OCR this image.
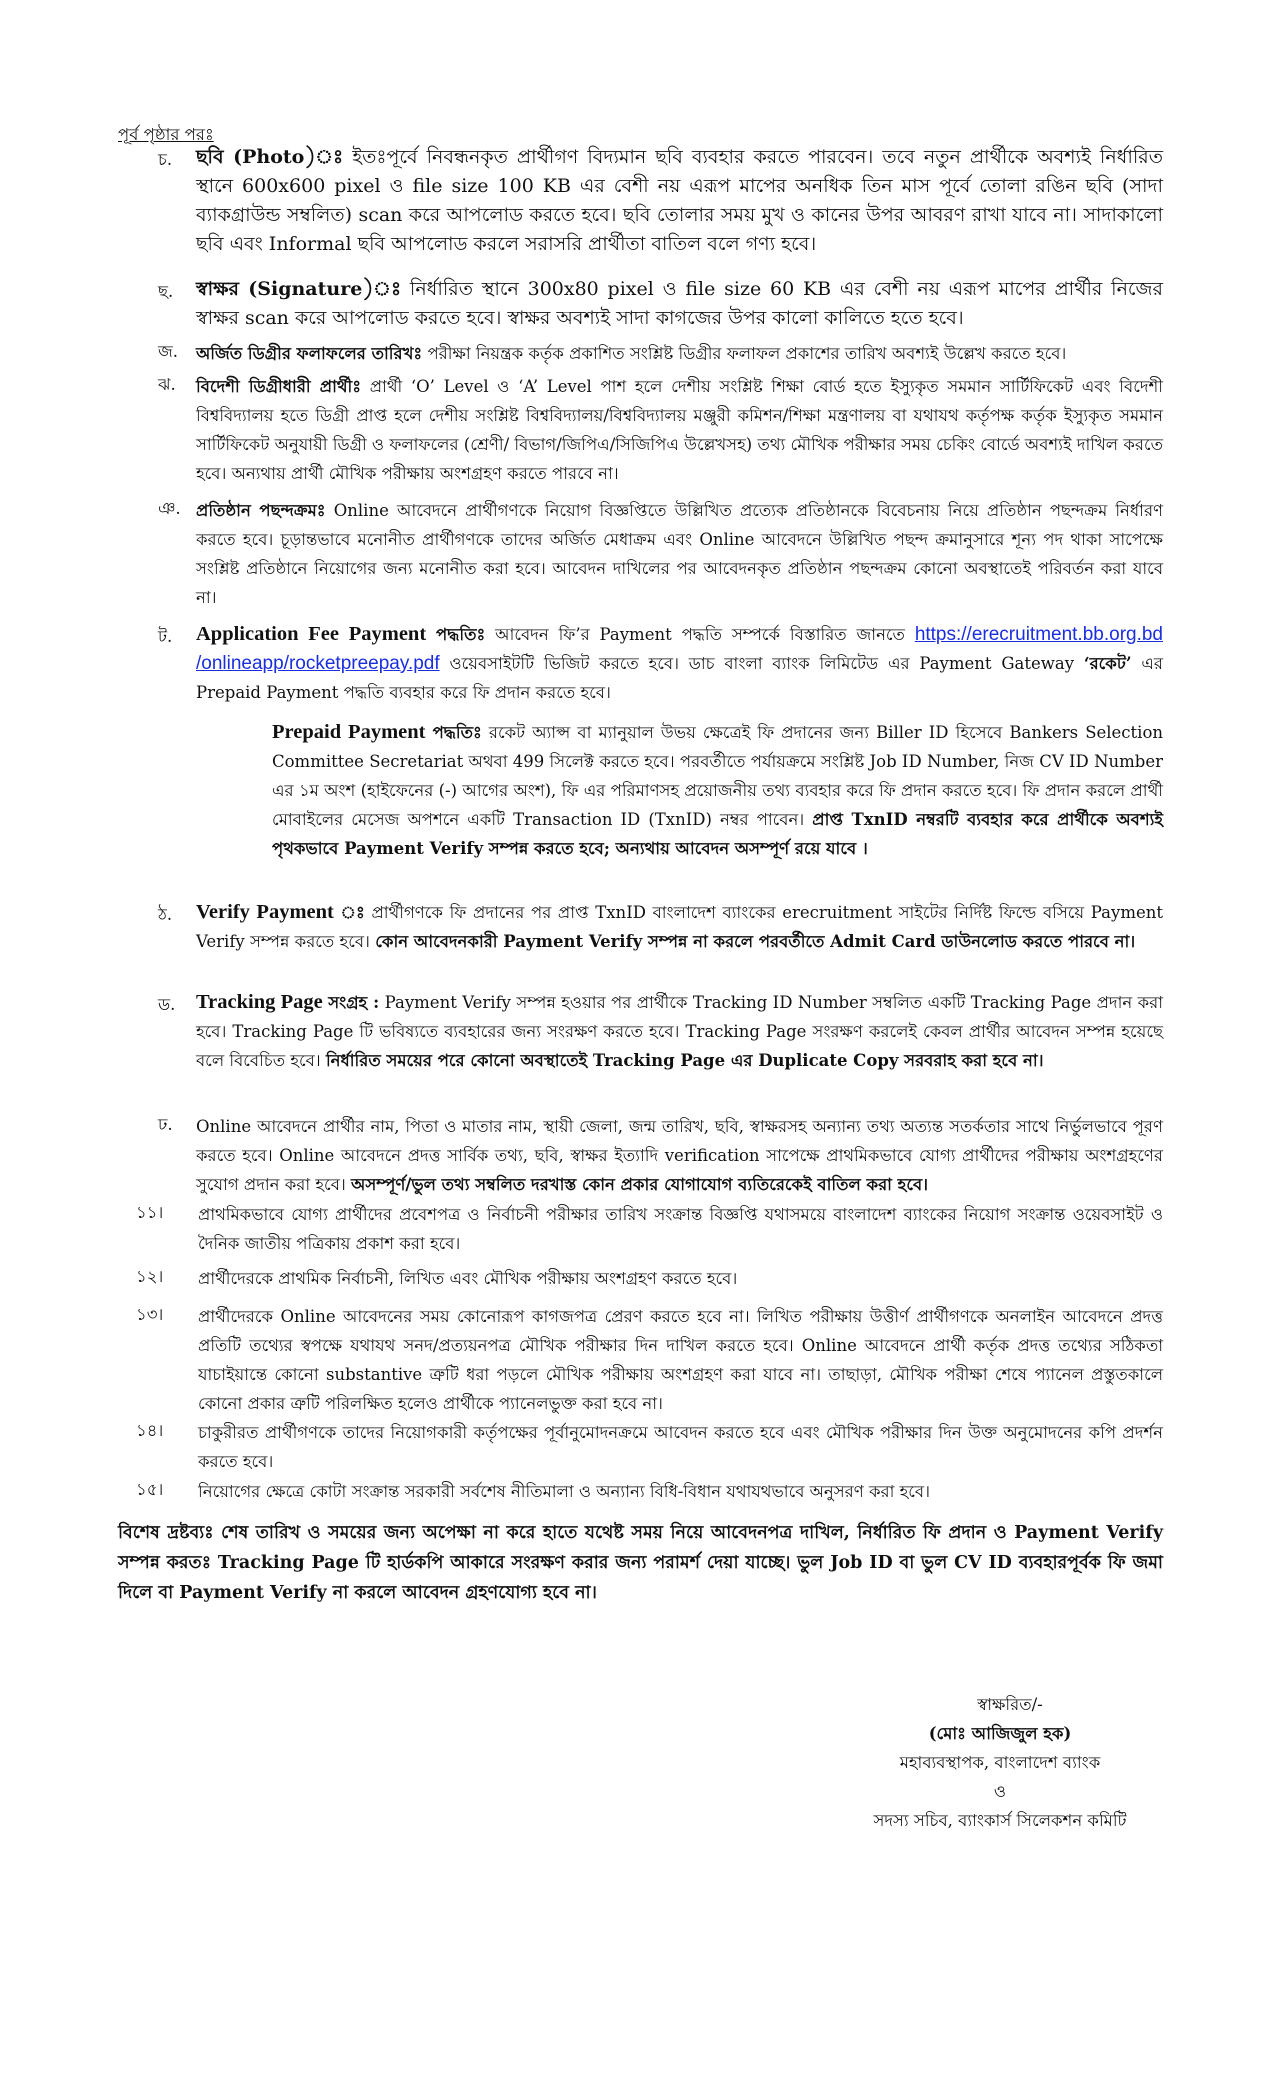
পূর্ব পৃষ্ঠার পরঃ
চ.	ছবি (Photo)ঃ ইতঃপূর্বে নিবন্ধনকৃত প্রার্থীগণ বিদ্যমান ছবি ব্যবহার করতে পারবেন। তবে নতুন প্রার্থীকে অবশ্যই নির্ধারিত স্থানে 600x600 pixel ও file size 100 KB এর বেশী নয় এরূপ মাপের অনধিক তিন মাস পূর্বে তোলা রঙিন ছবি (সাদা ব্যাকগ্রাউন্ড সম্বলিত) scan করে আপলোড করতে হবে। ছবি তোলার সময় মুখ ও কানের উপর আবরণ রাখা যাবে না। সাদাকালো ছবি এবং Informal ছবি আপলোড করলে সরাসরি প্রার্থীতা বাতিল বলে গণ্য হবে।
ছ.	স্বাক্ষর (Signature)ঃ নির্ধারিত স্থানে 300x80 pixel ও file size 60 KB এর বেশী নয় এরূপ মাপের প্রার্থীর নিজের স্বাক্ষর scan করে আপলোড করতে হবে। স্বাক্ষর অবশ্যই সাদা কাগজের উপর কালো কালিতে হতে হবে।
জ.	অর্জিত ডিগ্রীর ফলাফলের তারিখঃ পরীক্ষা নিয়ন্ত্রক কর্তৃক প্রকাশিত সংশ্লিষ্ট ডিগ্রীর ফলাফল প্রকাশের তারিখ অবশ্যই উল্লেখ করতে হবে।
ঝ.	বিদেশী ডিগ্রীধারী প্রার্থীঃ প্রার্থী ‘O’ Level ও ‘A’ Level পাশ হলে দেশীয় সংশ্লিষ্ট শিক্ষা বোর্ড হতে ইস্যুকৃত সমমান সার্টিফিকেট এবং বিদেশী বিশ্ববিদ্যালয় হতে ডিগ্রী প্রাপ্ত হলে দেশীয় সংশ্লিষ্ট বিশ্ববিদ্যালয়/বিশ্ববিদ্যালয় মঞ্জুরী কমিশন/শিক্ষা মন্ত্রণালয় বা যথাযথ কর্তৃপক্ষ কর্তৃক ইস্যুকৃত সমমান সার্টিফিকেট অনুযায়ী ডিগ্রী ও ফলাফলের (শ্রেণী/ বিভাগ/জিপিএ/সিজিপিএ উল্লেখসহ) তথ্য মৌখিক পরীক্ষার সময় চেকিং বোর্ডে অবশ্যই দাখিল করতে হবে। অন্যথায় প্রার্থী মৌখিক পরীক্ষায় অংশগ্রহণ করতে পারবে না।
ঞ. প্রতিষ্ঠান পছন্দক্রমঃ Online আবেদনে প্রার্থীগণকে নিয়োগ বিজ্ঞপ্তিতে উল্লিখিত প্রত্যেক প্রতিষ্ঠানকে বিবেচনায় নিয়ে প্রতিষ্ঠান পছন্দক্রম নির্ধারণ করতে হবে। চূড়ান্তভাবে মনোনীত প্রার্থীগণকে তাদের অর্জিত মেধাক্রম এবং Online আবেদনে উল্লিখিত পছন্দ ক্রমানুসারে শূন্য পদ থাকা সাপেক্ষে সংশ্লিষ্ট প্রতিষ্ঠানে নিয়োগের জন্য মনোনীত করা হবে। আবেদন দাখিলের পর আবেদনকৃত প্রতিষ্ঠান পছন্দক্রম কোনো অবস্থাতেই পরিবর্তন করা যাবে না।
ট.	Application Fee Payment পদ্ধতিঃ আবেদন ফি’র Payment পদ্ধতি সম্পর্কে বিস্তারিত জানতে https://erecruitment.bb.org.bd /onlineapp/rocketpreepay.pdf ওয়েবসাইটটি ভিজিট করতে হবে। ডাচ বাংলা ব্যাংক লিমিটেড এর Payment Gateway ‘রকেট’ এর Prepaid Payment পদ্ধতি ব্যবহার করে ফি প্রদান করতে হবে।
Prepaid Payment পদ্ধতিঃ রকেট অ্যাপ্স বা ম্যানুয়াল উভয় ক্ষেত্রেই ফি প্রদানের জন্য Biller ID হিসেবে Bankers Selection Committee Secretariat অথবা 499 সিলেক্ট করতে হবে। পরবর্তীতে পর্যায়ক্রমে সংশ্লিষ্ট Job ID Number, নিজ CV ID Number এর ১ম অংশ (হাইফেনের (-) আগের অংশ), ফি এর পরিমাণসহ প্রয়োজনীয় তথ্য ব্যবহার করে ফি প্রদান করতে হবে। ফি প্রদান করলে প্রার্থী মোবাইলের মেসেজ অপশনে একটি Transaction ID (TxnID) নম্বর পাবেন। প্রাপ্ত TxnID নম্বরটি ব্যবহার করে প্রার্থীকে অবশ্যই পৃথকভাবে Payment Verify সম্পন্ন করতে হবে; অন্যথায় আবেদন অসম্পূর্ণ রয়ে যাবে ।
ঠ.	Verify Payment ঃ প্রার্থীগণকে ফি প্রদানের পর প্রাপ্ত TxnID বাংলাদেশ ব্যাংকের erecruitment সাইটের নির্দিষ্ট ফিল্ডে বসিয়ে Payment Verify সম্পন্ন করতে হবে। কোন আবেদনকারী Payment Verify সম্পন্ন না করলে পরবর্তীতে Admit Card ডাউনলোড করতে পারবে না।
ড.	Tracking Page সংগ্রহ : Payment Verify সম্পন্ন হওয়ার পর প্রার্থীকে Tracking ID Number সম্বলিত একটি Tracking Page প্রদান করা হবে। Tracking Page টি ভবিষ্যতে ব্যবহারের জন্য সংরক্ষণ করতে হবে। Tracking Page সংরক্ষণ করলেই কেবল প্রার্থীর আবেদন সম্পন্ন হয়েছে বলে বিবেচিত হবে। নির্ধারিত সময়ের পরে কোনো অবস্থাতেই Tracking Page এর Duplicate Copy সরবরাহ করা হবে না।
ঢ.	Online আবেদনে প্রার্থীর নাম, পিতা ও মাতার নাম, স্থায়ী জেলা, জন্ম তারিখ, ছবি, স্বাক্ষরসহ অন্যান্য তথ্য অত্যন্ত সতর্কতার সাথে নির্ভুলভাবে পূরণ করতে হবে। Online আবেদনে প্রদত্ত সার্বিক তথ্য, ছবি, স্বাক্ষর ইত্যাদি verification সাপেক্ষে প্রাথমিকভাবে যোগ্য প্রার্থীদের পরীক্ষায় অংশগ্রহণের সুযোগ প্রদান করা হবে। অসম্পূর্ণ/ভুল তথ্য সম্বলিত দরখাস্ত কোন প্রকার যোগাযোগ ব্যতিরেকেই বাতিল করা হবে।
১১।	প্রাথমিকভাবে যোগ্য প্রার্থীদের প্রবেশপত্র ও নির্বাচনী পরীক্ষার তারিখ সংক্রান্ত বিজ্ঞপ্তি যথাসময়ে বাংলাদেশ ব্যাংকের নিয়োগ সংক্রান্ত ওয়েবসাইট ও দৈনিক জাতীয় পত্রিকায় প্রকাশ করা হবে।
১২।	প্রার্থীদেরকে প্রাথমিক নির্বাচনী, লিখিত এবং মৌখিক পরীক্ষায় অংশগ্রহণ করতে হবে।
১৩।	প্রার্থীদেরকে Online আবেদনের সময় কোনোরূপ কাগজপত্র প্রেরণ করতে হবে না। লিখিত পরীক্ষায় উত্তীর্ণ প্রার্থীগণকে অনলাইন আবেদনে প্রদত্ত প্রতিটি তথ্যের স্বপক্ষে যথাযথ সনদ/প্রত্যয়নপত্র মৌখিক পরীক্ষার দিন দাখিল করতে হবে। Online আবেদনে প্রার্থী কর্তৃক প্রদত্ত তথ্যের সঠিকতা যাচাইয়ান্তে কোনো substantive ত্রুটি ধরা পড়লে মৌখিক পরীক্ষায় অংশগ্রহণ করা যাবে না। তাছাড়া, মৌখিক পরীক্ষা শেষে প্যানেল প্রস্তুতকালে কোনো প্রকার ত্রুটি পরিলক্ষিত হলেও প্রার্থীকে প্যানেলভুক্ত করা হবে না।
১৪।	চাকুরীরত প্রার্থীগণকে তাদের নিয়োগকারী কর্তৃপক্ষের পূর্বানুমোদনক্রমে আবেদন করতে হবে এবং মৌখিক পরীক্ষার দিন উক্ত অনুমোদনের কপি প্রদর্শন করতে হবে।
১৫।	নিয়োগের ক্ষেত্রে কোটা সংক্রান্ত সরকারী সর্বশেষ নীতিমালা ও অন্যান্য বিধি-বিধান যথাযথভাবে অনুসরণ করা হবে।
বিশেষ দ্রষ্টব্যঃ শেষ তারিখ ও সময়ের জন্য অপেক্ষা না করে হাতে যথেষ্ট সময় নিয়ে আবেদনপত্র দাখিল, নির্ধারিত ফি প্রদান ও Payment Verify সম্পন্ন করতঃ Tracking Page টি হার্ডকপি আকারে সংরক্ষণ করার জন্য পরামর্শ দেয়া যাচ্ছে। ভুল Job ID বা ভুল CV ID ব্যবহারপূর্বক ফি জমা দিলে বা Payment Verify না করলে আবেদন গ্রহণযোগ্য হবে না।
স্বাক্ষরিত/-
(মোঃ আজিজুল হক)
মহাব্যবস্থাপক, বাংলাদেশ ব্যাংক
ও
সদস্য সচিব, ব্যাংকার্স সিলেকশন কমিটি
